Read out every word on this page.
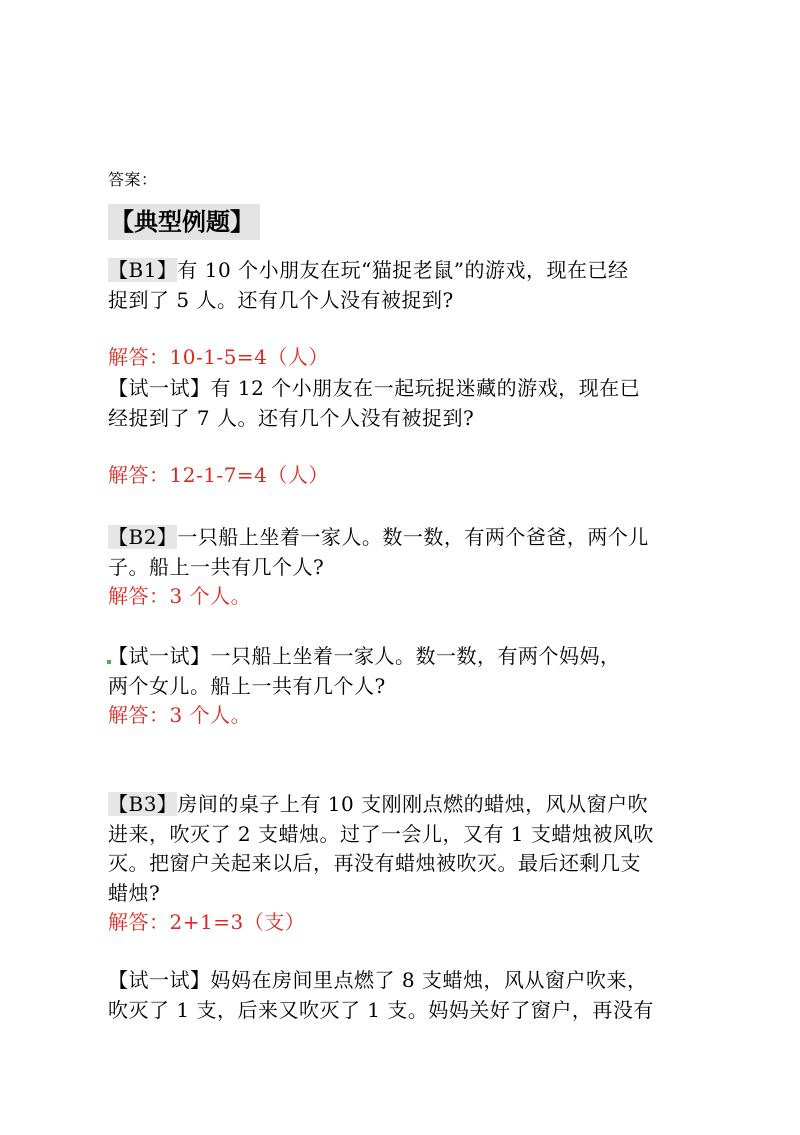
答案：
【典型例题】
【B1】有 10 个小朋友在玩“猫捉老鼠”的游戏，现在已经
捉到了 5 人。还有几个人没有被捉到?
解答：10-1-5=4（人）
【试一试】有 12 个小朋友在一起玩捉迷藏的游戏，现在已
经捉到了 7 人。还有几个人没有被捉到?
解答：12-1-7=4（人）
【B2】一只船上坐着一家人。数一数，有两个爸爸，两个儿
子。船上一共有几个人?
解答：3 个人。
【试一试】一只船上坐着一家人。数一数，有两个妈妈，
两个女儿。船上一共有几个人?
解答：3 个人。
【B3】房间的桌子上有 10 支刚刚点燃的蜡烛，风从窗户吹
进来，吹灭了 2 支蜡烛。过了一会儿，又有 1 支蜡烛被风吹
灭。把窗户关起来以后，再没有蜡烛被吹灭。最后还剩几支
蜡烛?
解答：2+1=3（支）
【试一试】妈妈在房间里点燃了 8 支蜡烛，风从窗户吹来，
吹灭了 1 支，后来又吹灭了 1 支。妈妈关好了窗户，再没有
